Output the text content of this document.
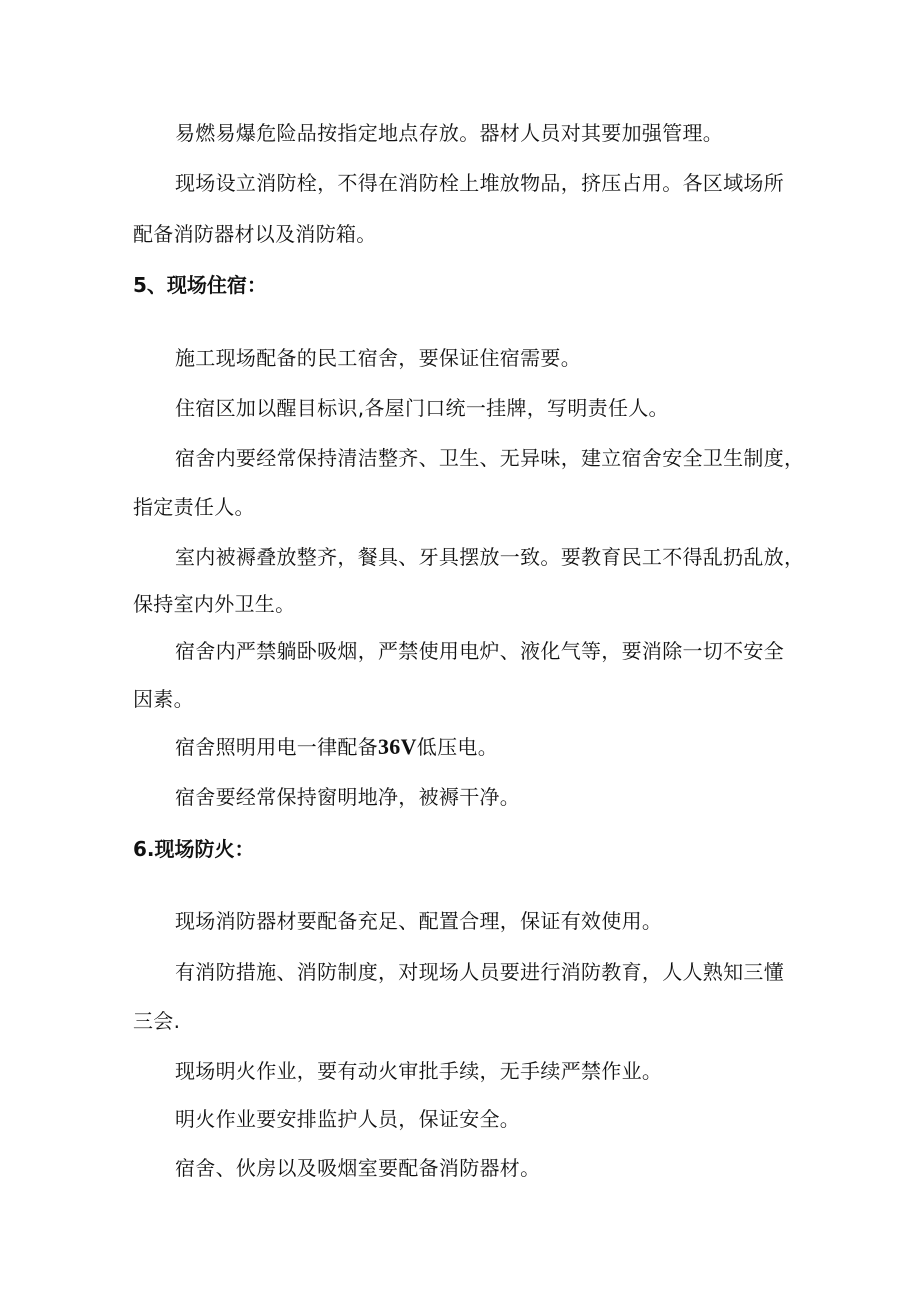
易燃易爆危险品按指定地点存放。器材人员对其要加强管理。
现场设立消防栓，不得在消防栓上堆放物品，挤压占用。各区域场所
配备消防器材以及消防箱。
5、现场住宿：
施工现场配备的民工宿舍，要保证住宿需要。
住宿区加以醒目标识,各屋门口统一挂牌，写明责任人。
宿舍内要经常保持清洁整齐、卫生、无异味，建立宿舍安全卫生制度，
指定责任人。
室内被褥叠放整齐，餐具、牙具摆放一致。要教育民工不得乱扔乱放，
保持室内外卫生。
宿舍内严禁躺卧吸烟，严禁使用电炉、液化气等，要消除一切不安全
因素。
宿舍照明用电一律配备36V低压电。
宿舍要经常保持窗明地净，被褥干净。
6.现场防火：
现场消防器材要配备充足、配置合理，保证有效使用。
有消防措施、消防制度，对现场人员要进行消防教育，人人熟知三懂
三会.
现场明火作业，要有动火审批手续，无手续严禁作业。
明火作业要安排监护人员，保证安全。
宿舍、伙房以及吸烟室要配备消防器材。
